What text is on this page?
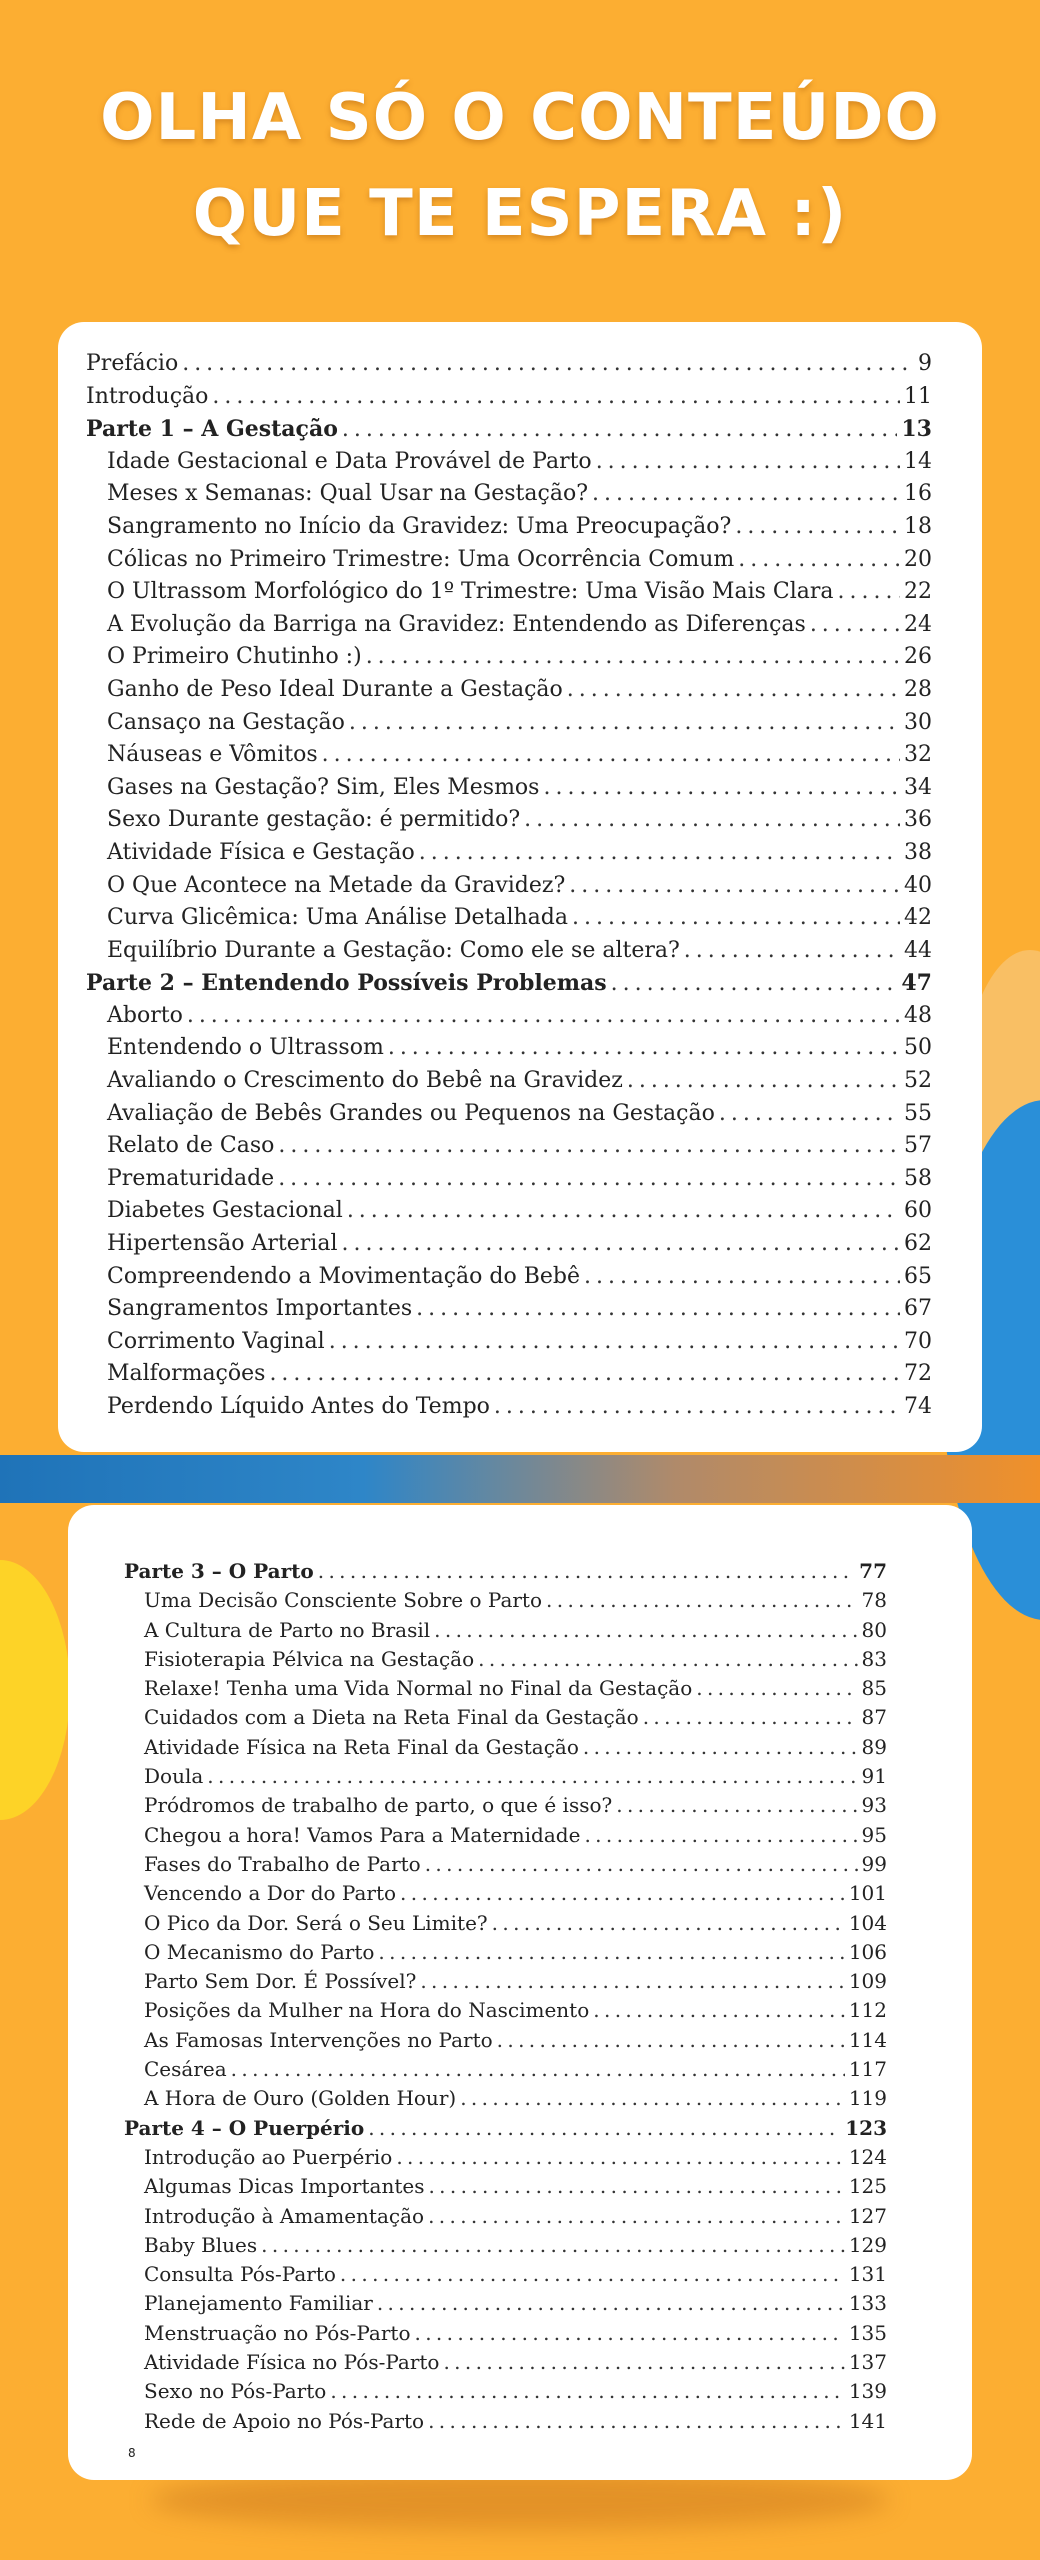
OLHA SÓ O CONTEÚDO
QUE TE ESPERA :)
Prefácio . . .	9
Introdução . . .	11
Parte 1 – A Gestação . . .	13
Idade Gestacional e Data Provável de Parto . . .	14
Meses x Semanas: Qual Usar na Gestação? . . .	16
Sangramento no Início da Gravidez: Uma Preocupação? . . .	18
Cólicas no Primeiro Trimestre: Uma Ocorrência Comum . . .	20
O Ultrassom Morfológico do 1º Trimestre: Uma Visão Mais Clara . . .	22
A Evolução da Barriga na Gravidez: Entendendo as Diferenças . . .	24
O Primeiro Chutinho :) . . .	26
Ganho de Peso Ideal Durante a Gestação . . .	28
Cansaço na Gestação . . .	30
Náuseas e Vômitos . . .	32
Gases na Gestação? Sim, Eles Mesmos . . .	34
Sexo Durante gestação: é permitido? . . .	36
Atividade Física e Gestação . . .	38
O Que Acontece na Metade da Gravidez? . . .	40
Curva Glicêmica: Uma Análise Detalhada . . .	42
Equilíbrio Durante a Gestação: Como ele se altera? . . .	44
Parte 2 – Entendendo Possíveis Problemas . . .	47
Aborto . . .	48
Entendendo o Ultrassom . . .	50
Avaliando o Crescimento do Bebê na Gravidez . . .	52
Avaliação de Bebês Grandes ou Pequenos na Gestação . . .	55
Relato de Caso . . .	57
Prematuridade . . .	58
Diabetes Gestacional . . .	60
Hipertensão Arterial . . .	62
Compreendendo a Movimentação do Bebê . . .	65
Sangramentos Importantes . . .	67
Corrimento Vaginal . . .	70
Malformações . . .	72
Perdendo Líquido Antes do Tempo . . .	74
Parte 3 – O Parto . . .	77
Uma Decisão Consciente Sobre o Parto . . .	78
A Cultura de Parto no Brasil . . .	80
Fisioterapia Pélvica na Gestação . . .	83
Relaxe! Tenha uma Vida Normal no Final da Gestação . . .	85
Cuidados com a Dieta na Reta Final da Gestação . . .	87
Atividade Física na Reta Final da Gestação . . .	89
Doula . . .	91
Pródromos de trabalho de parto, o que é isso? . . .	93
Chegou a hora! Vamos Para a Maternidade . . .	95
Fases do Trabalho de Parto . . .	99
Vencendo a Dor do Parto . . .	101
O Pico da Dor. Será o Seu Limite? . . .	104
O Mecanismo do Parto . . .	106
Parto Sem Dor. É Possível? . . .	109
Posições da Mulher na Hora do Nascimento . . .	112
As Famosas Intervenções no Parto . . .	114
Cesárea . . .	117
A Hora de Ouro (Golden Hour) . . .	119
Parte 4 – O Puerpério . . .	123
Introdução ao Puerpério . . .	124
Algumas Dicas Importantes . . .	125
Introdução à Amamentação . . .	127
Baby Blues . . .	129
Consulta Pós-Parto . . .	131
Planejamento Familiar . . .	133
Menstruação no Pós-Parto . . .	135
Atividade Física no Pós-Parto . . .	137
Sexo no Pós-Parto . . .	139
Rede de Apoio no Pós-Parto . . .	141
8
